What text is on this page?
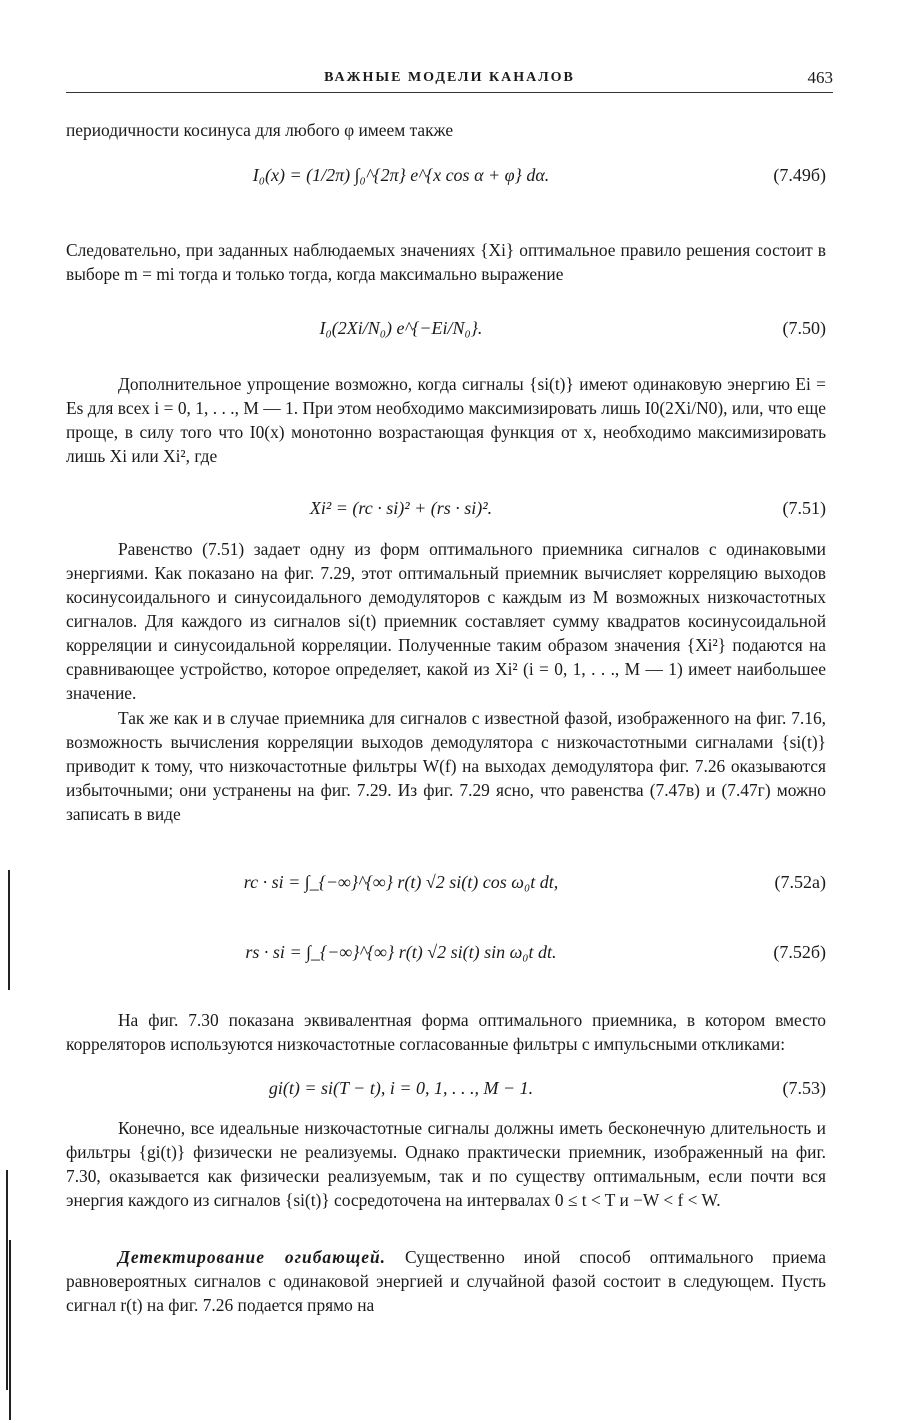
ВАЖНЫЕ МОДЕЛИ КАНАЛОВ	463
периодичности косинуса для любого φ имеем также
I₀(x) = (1/2π) ∫₀^{2π} e^{x cos α + φ} dα.	(7.49б)
Следовательно, при заданных наблюдаемых значениях {Xi} оптимальное правило решения состоит в выборе m = mi тогда и только тогда, когда максимально выражение
I₀(2Xi/N₀) e^{−Ei/N₀}.	(7.50)
Дополнительное упрощение возможно, когда сигналы {si(t)} имеют одинаковую энергию Ei = Es для всех i = 0, 1, . . ., M — 1. При этом необходимо максимизировать лишь I0(2Xi/N0), или, что еще проще, в силу того что I0(x) монотонно возрастающая функция от x, необходимо максимизировать лишь Xi или Xi², где
Xi² = (rc · si)² + (rs · si)².	(7.51)
Равенство (7.51) задает одну из форм оптимального приемника сигналов с одинаковыми энергиями. Как показано на фиг. 7.29, этот оптимальный приемник вычисляет корреляцию выходов косинусоидального и синусоидального демодуляторов с каждым из M возможных низкочастотных сигналов. Для каждого из сигналов si(t) приемник составляет сумму квадратов косинусоидальной корреляции и синусоидальной корреляции. Полученные таким образом значения {Xi²} подаются на сравнивающее устройство, которое определяет, какой из Xi² (i = 0, 1, . . ., M — 1) имеет наибольшее значение.
Так же как и в случае приемника для сигналов с известной фазой, изображенного на фиг. 7.16, возможность вычисления корреляции выходов демодулятора с низкочастотными сигналами {si(t)} приводит к тому, что низкочастотные фильтры W(f) на выходах демодулятора фиг. 7.26 оказываются избыточными; они устранены на фиг. 7.29. Из фиг. 7.29 ясно, что равенства (7.47в) и (7.47г) можно записать в виде
rc · si = ∫_{−∞}^{∞} r(t) √2 si(t) cos ω₀t dt,	(7.52а)
rs · si = ∫_{−∞}^{∞} r(t) √2 si(t) sin ω₀t dt.	(7.52б)
На фиг. 7.30 показана эквивалентная форма оптимального приемника, в котором вместо корреляторов используются низкочастотные согласованные фильтры с импульсными откликами:
gi(t) = si(T − t), i = 0, 1, . . ., M − 1.	(7.53)
Конечно, все идеальные низкочастотные сигналы должны иметь бесконечную длительность и фильтры {gi(t)} физически не реализуемы. Однако практически приемник, изображенный на фиг. 7.30, оказывается как физически реализуемым, так и по существу оптимальным, если почти вся энергия каждого из сигналов {si(t)} сосредоточена на интервалах 0 ≤ t < T и −W < f < W.
Детектирование огибающей. Существенно иной способ оптимального приема равновероятных сигналов с одинаковой энергией и случайной фазой состоит в следующем. Пусть сигнал r(t) на фиг. 7.26 подается прямо на
